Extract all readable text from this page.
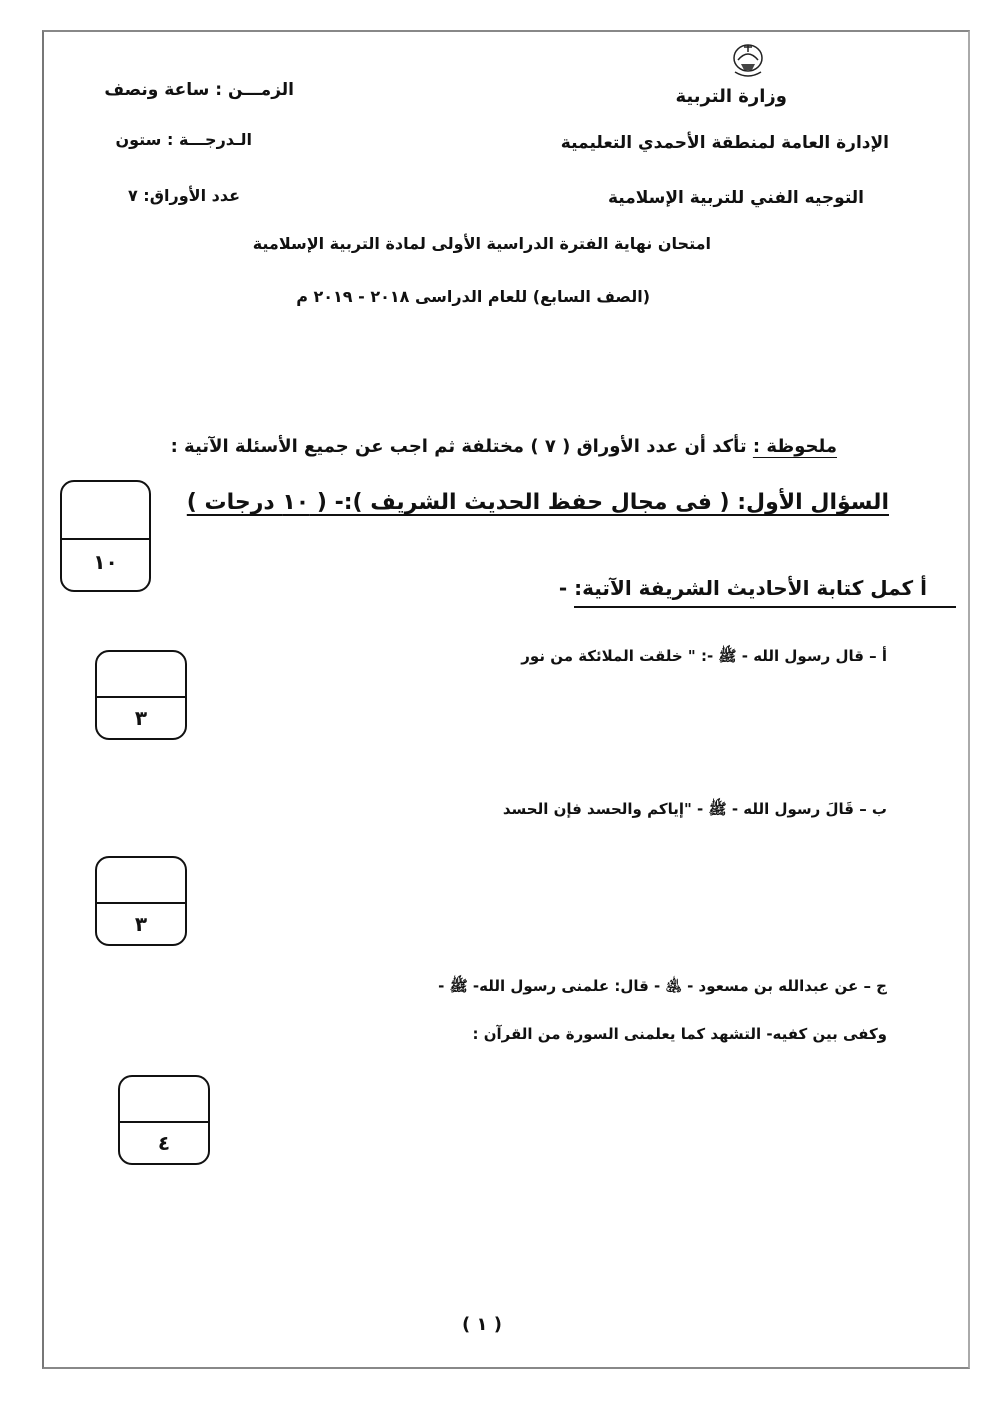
وزارة التربية
الإدارة العامة لمنطقة الأحمدي التعليمية
التوجيه الفني للتربية الإسلامية
الزمـــن : ساعة ونصف
الـدرجـــة : ستون
عدد الأوراق: ٧
امتحان نهاية الفترة الدراسية الأولى لمادة التربية الإسلامية
(الصف السابع) للعام الدراسى ٢٠١٨ - ٢٠١٩ م
ملحوظة : تأكد أن عدد الأوراق ( ٧ ) مختلفة ثم اجب عن جميع الأسئلة الآتية :
السؤال الأول: ( فى مجال حفظ الحديث الشريف ):- ( ١٠ درجات )
١٠
أ كمل كتابة الأحاديث الشريفة الآتية: -
أ – قال رسول الله - ﷺ -: " خلقت الملائكة من نور
٣
ب – قَالَ رسول الله - ﷺ - "إياكم والحسد فإن الحسد
٣
ج – عن عبدالله بن مسعود - ﵁ - قال: علمنى رسول الله- ﷺ -
وكفى بين كفيه- التشهد كما يعلمنى السورة من القرآن :
٤
( ١ )
